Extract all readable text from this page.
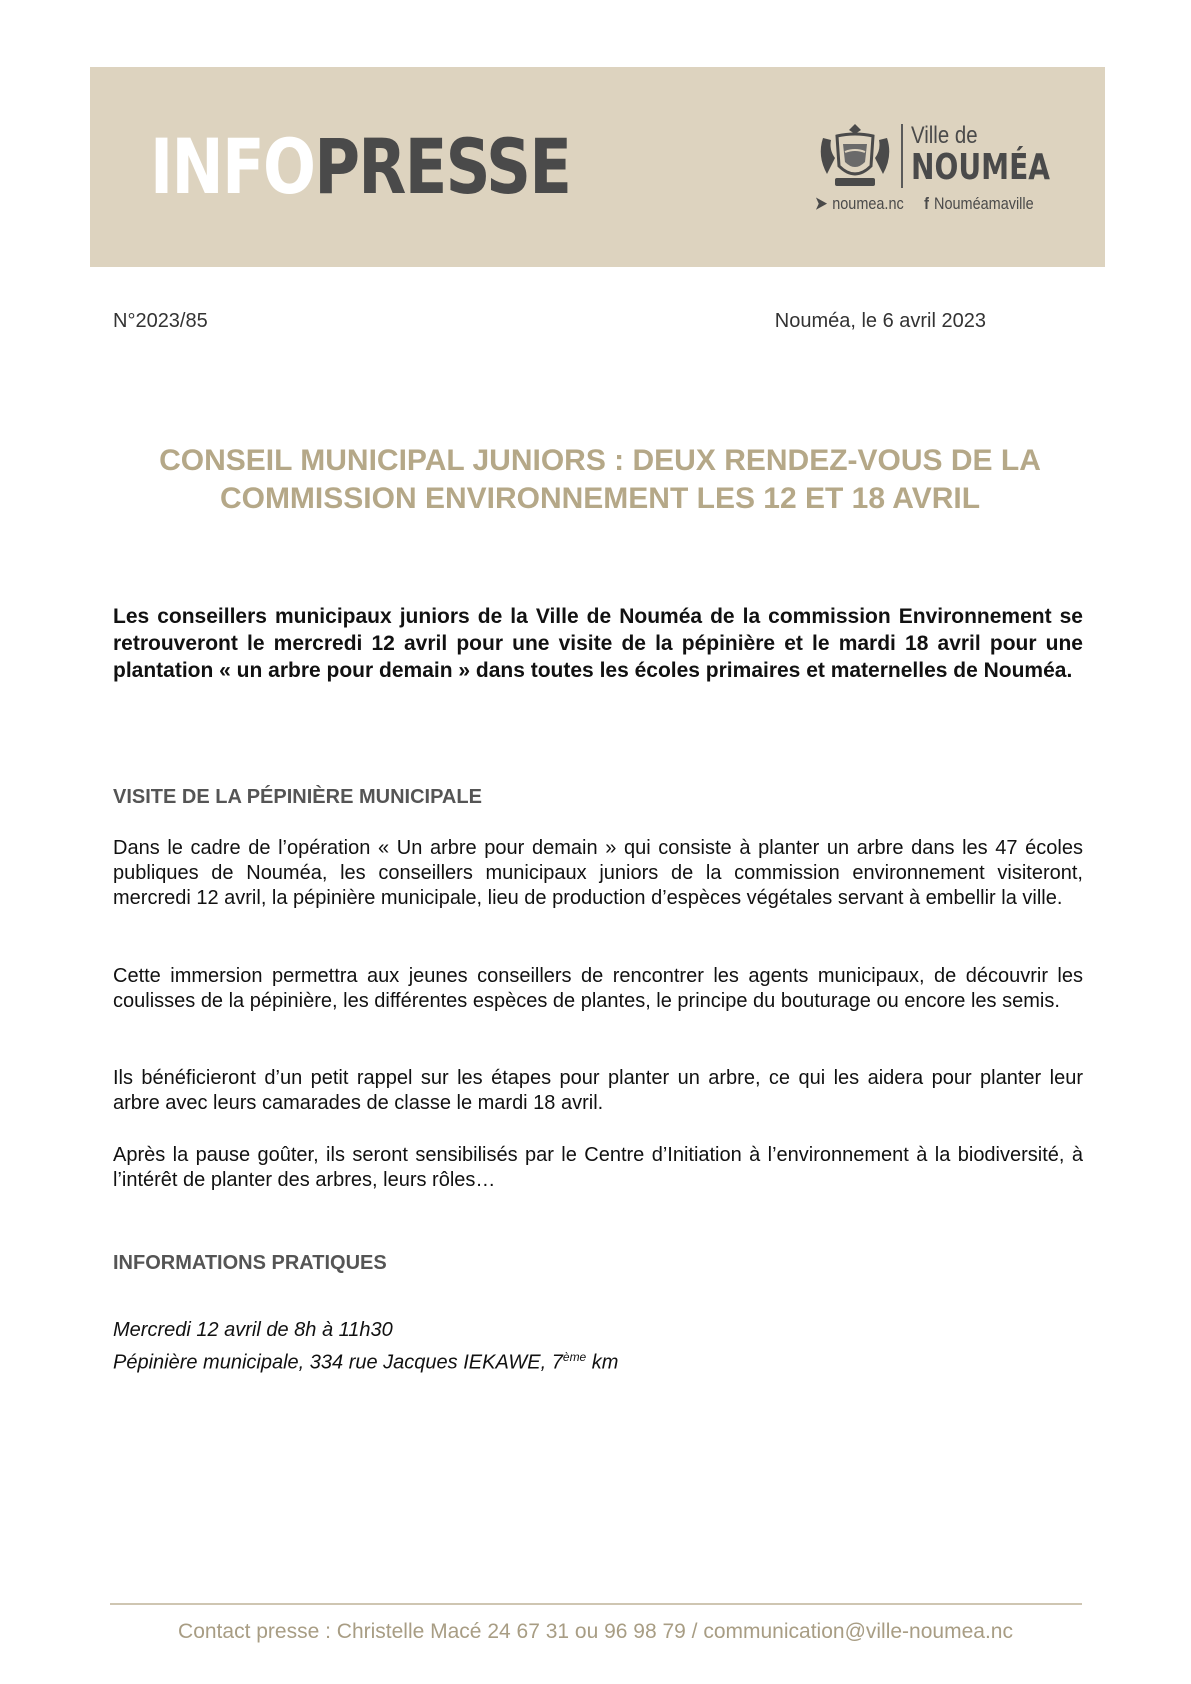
INFOPRESSE	Ville de
NOUMÉA
➤ noumea.nc f Nouméamaville
N°2023/85	Nouméa, le 6 avril 2023
CONSEIL MUNICIPAL JUNIORS : DEUX RENDEZ-VOUS DE LA
COMMISSION ENVIRONNEMENT LES 12 ET 18 AVRIL

Les conseillers municipaux juniors de la Ville de Nouméa de la commission Environnement se retrouveront le mercredi 12 avril pour une visite de la pépinière et le mardi 18 avril pour une plantation « un arbre pour demain » dans toutes les écoles primaires et maternelles de Nouméa.

VISITE DE LA PÉPINIÈRE MUNICIPALE

Dans le cadre de l’opération « Un arbre pour demain » qui consiste à planter un arbre dans les 47 écoles publiques de Nouméa, les conseillers municipaux juniors de la commission environnement visiteront, mercredi 12 avril, la pépinière municipale, lieu de production d’espèces végétales servant à embellir la ville.

Cette immersion permettra aux jeunes conseillers de rencontrer les agents municipaux, de découvrir les coulisses de la pépinière, les différentes espèces de plantes, le principe du bouturage ou encore les semis.

Ils bénéficieront d’un petit rappel sur les étapes pour planter un arbre, ce qui les aidera pour planter leur arbre avec leurs camarades de classe le mardi 18 avril.

Après la pause goûter, ils seront sensibilisés par le Centre d’Initiation à l’environnement à la biodiversité, à l’intérêt de planter des arbres, leurs rôles…

INFORMATIONS PRATIQUES
Mercredi 12 avril de 8h à 11h30
Pépinière municipale, 334 rue Jacques IEKAWE, 7ème km
Contact presse : Christelle Macé 24 67 31 ou 96 98 79 / communication@ville-noumea.nc
